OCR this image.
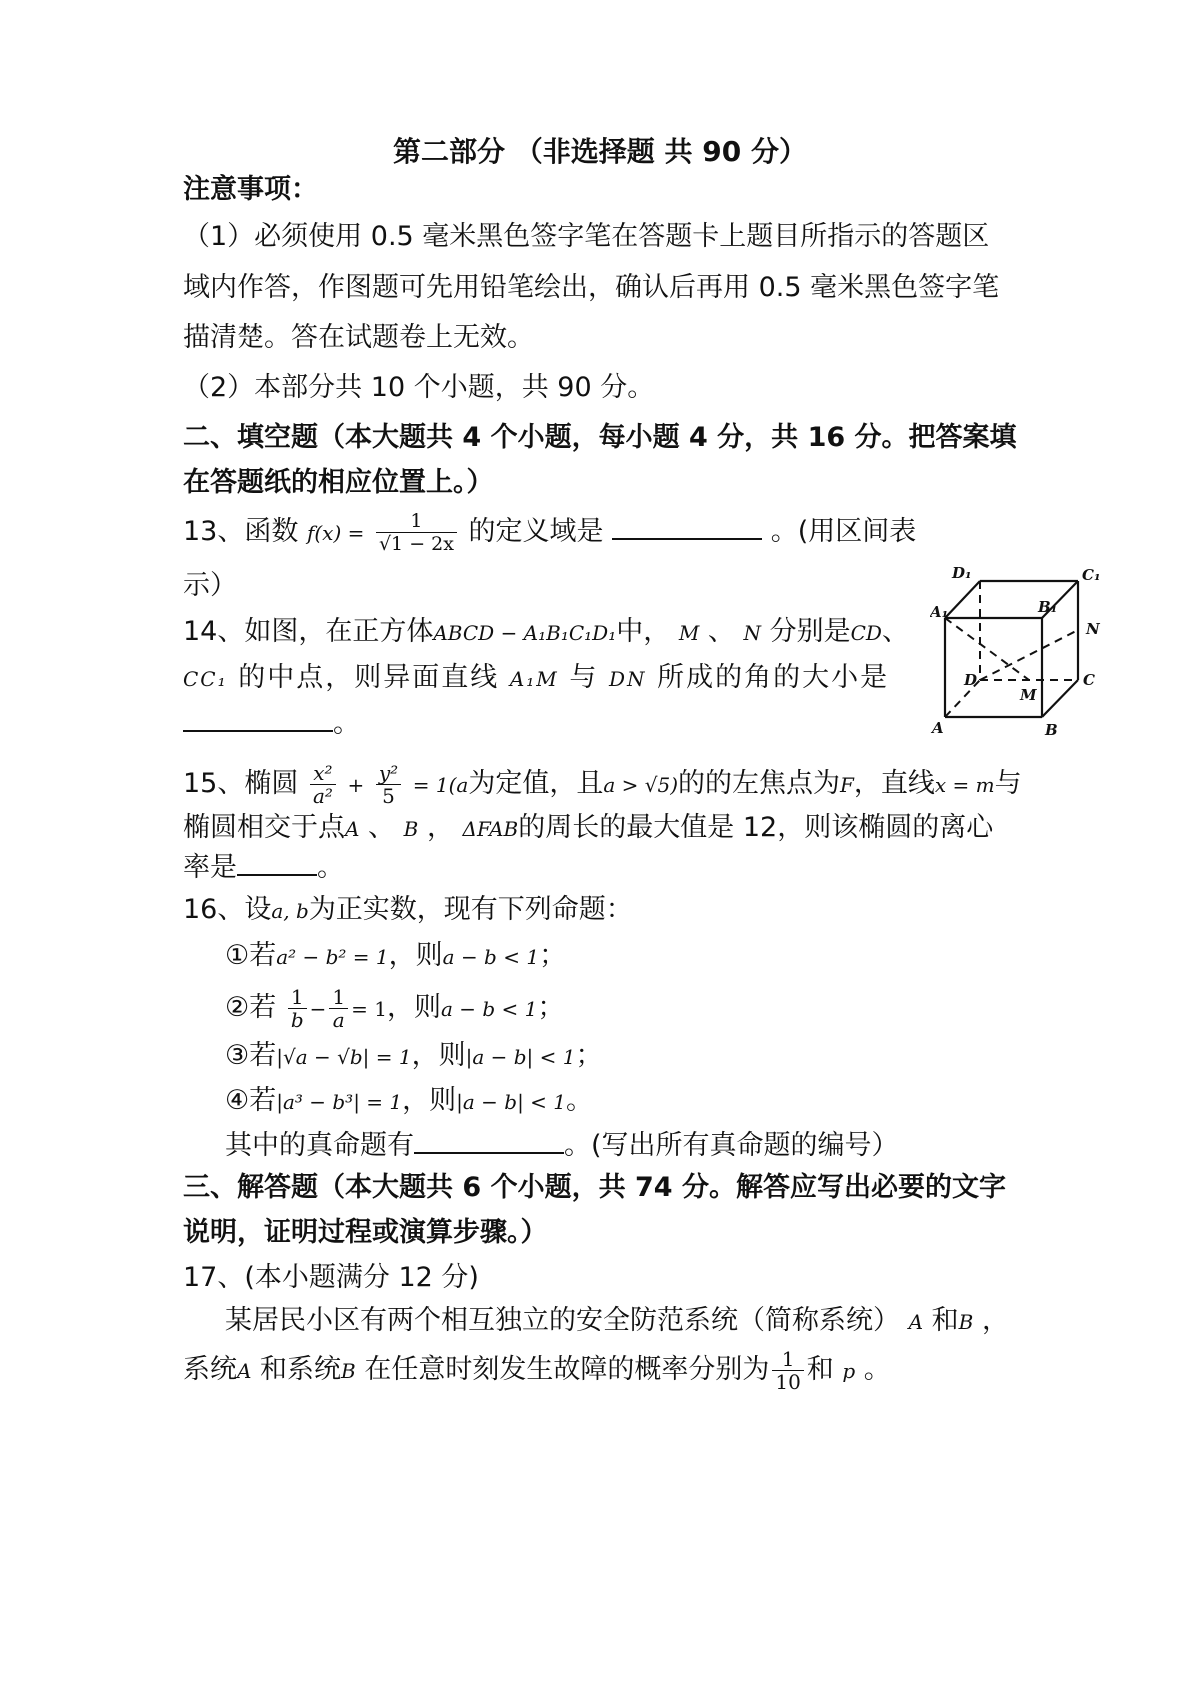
第二部分 （非选择题 共 90 分）
注意事项：
（1）必须使用 0.5 毫米黑色签字笔在答题卡上题目所指示的答题区
域内作答，作图题可先用铅笔绘出，确认后再用 0.5 毫米黑色签字笔
描清楚。答在试题卷上无效。
（2）本部分共 10 个小题，共 90 分。
二、填空题（本大题共 4 个小题，每小题 4 分，共 16 分。把答案填
在答题纸的相应位置上。）
13、函数 $f(x) = \frac{1}{√1 - 2x}$ 的定义域是	。(用区间表
示）
14、如图，在正方体ABCD − A₁B₁C₁D₁中， M 、 N 分别是CD、
CC₁ 的中点，则异面直线 A₁M 与 DN 所成的角的大小是
。
15、椭圆 $\frac{\text{x²}}{\text{a²}} + \frac{\text{y²}}{5} = 1(a$为定值，且a > √5)的的左焦点为F，直线x = m与
椭圆相交于点A 、 B ， ΔFAB的周长的最大值是 12，则该椭圆的离心
率是	。
16、设a, b为正实数，现有下列命题：
①若a² − b² = 1，则a − b < 1；
②若 $\frac{1}{b} - \frac{1}{a} = 1$，则a − b < 1；
③若|√a − √b| = 1，则|a − b| < 1；
④若|a³ − b³| = 1，则|a − b| < 1。
其中的真命题有	。(写出所有真命题的编号）
三、解答题（本大题共 6 个小题，共 74 分。解答应写出必要的文字
说明，证明过程或演算步骤。）
17、(本小题满分 12 分)
某居民小区有两个相互独立的安全防范系统（简称系统） A 和B ，
系统A 和系统B 在任意时刻发生故障的概率分别为 $\frac{1}{10}$ 和 p 。
D₁	C₁
A₁	B₁
N
D	C
M
A	B
